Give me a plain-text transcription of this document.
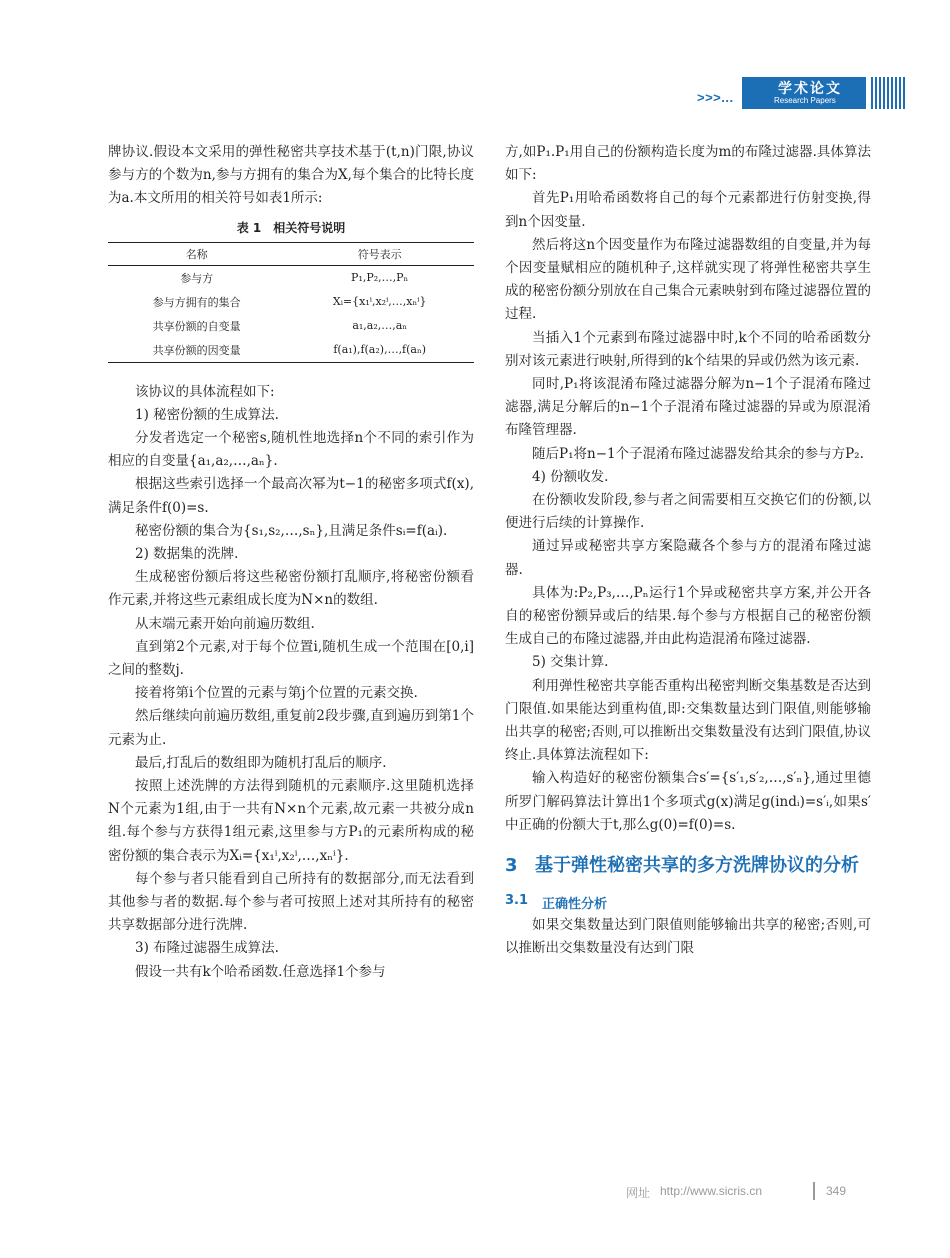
>>>...
学术论文
Research Papers

牌协议.假设本文采用的弹性秘密共享技术基于(t,n)门限,协议参与方的个数为n,参与方拥有的集合为X,每个集合的比特长度为a.本文所用的相关符号如表1所示:

表 1　相关符号说明
名称	符号表示
参与方	P₁,P₂,…,Pₙ
参与方拥有的集合	Xᵢ={x₁ⁱ,x₂ⁱ,…,xₙⁱ}
共享份额的自变量	a₁,a₂,…,aₙ
共享份额的因变量	f(a₁),f(a₂),…,f(aₙ)

该协议的具体流程如下:

1) 秘密份额的生成算法.

分发者选定一个秘密s,随机性地选择n个不同的索引作为相应的自变量{a₁,a₂,…,aₙ}.

根据这些索引选择一个最高次幂为t−1的秘密多项式f(x),满足条件f(0)=s.

秘密份额的集合为{s₁,s₂,…,sₙ},且满足条件sᵢ=f(aᵢ).

2) 数据集的洗牌.

生成秘密份额后将这些秘密份额打乱顺序,将秘密份额看作元素,并将这些元素组成长度为N×n的数组.

从末端元素开始向前遍历数组.

直到第2个元素,对于每个位置i,随机生成一个范围在[0,i]之间的整数j.

接着将第i个位置的元素与第j个位置的元素交换.

然后继续向前遍历数组,重复前2段步骤,直到遍历到第1个元素为止.

最后,打乱后的数组即为随机打乱后的顺序.

按照上述洗牌的方法得到随机的元素顺序.这里随机选择N个元素为1组,由于一共有N×n个元素,故元素一共被分成n组.每个参与方获得1组元素,这里参与方P₁的元素所构成的秘密份额的集合表示为Xᵢ={x₁ⁱ,x₂ⁱ,…,xₙⁱ}.

每个参与者只能看到自己所持有的数据部分,而无法看到其他参与者的数据.每个参与者可按照上述对其所持有的秘密共享数据部分进行洗牌.

3) 布隆过滤器生成算法.

假设一共有k个哈希函数.任意选择1个参与

方,如P₁.P₁用自己的份额构造长度为m的布隆过滤器.具体算法如下:

首先P₁用哈希函数将自己的每个元素都进行仿射变换,得到n个因变量.

然后将这n个因变量作为布隆过滤器数组的自变量,并为每个因变量赋相应的随机种子,这样就实现了将弹性秘密共享生成的秘密份额分别放在自己集合元素映射到布隆过滤器位置的过程.

当插入1个元素到布隆过滤器中时,k个不同的哈希函数分别对该元素进行映射,所得到的k个结果的异或仍然为该元素.

同时,P₁将该混淆布隆过滤器分解为n−1个子混淆布隆过滤器,满足分解后的n−1个子混淆布隆过滤器的异或为原混淆布隆管理器.

随后P₁将n−1个子混淆布隆过滤器发给其余的参与方P₂.

4) 份额收发.

在份额收发阶段,参与者之间需要相互交换它们的份额,以便进行后续的计算操作.

通过异或秘密共享方案隐藏各个参与方的混淆布隆过滤器.

具体为:P₂,P₃,…,Pₙ运行1个异或秘密共享方案,并公开各自的秘密份额异或后的结果.每个参与方根据自己的秘密份额生成自己的布隆过滤器,并由此构造混淆布隆过滤器.

5) 交集计算.

利用弹性秘密共享能否重构出秘密判断交集基数是否达到门限值.如果能达到重构值,即:交集数量达到门限值,则能够输出共享的秘密;否则,可以推断出交集数量没有达到门限值,协议终止.具体算法流程如下:

输入构造好的秘密份额集合s′={s′₁,s′₂,…,s′ₙ},通过里德所罗门解码算法计算出1个多项式g(x)满足g(indᵢ)=s′ᵢ,如果s′中正确的份额大于t,那么g(0)=f(0)=s.

3 基于弹性秘密共享的多方洗牌协议的分析
3.1 正确性分析

如果交集数量达到门限值则能够输出共享的秘密;否则,可以推断出交集数量没有达到门限

网址 http://www.sicris.cn	349
